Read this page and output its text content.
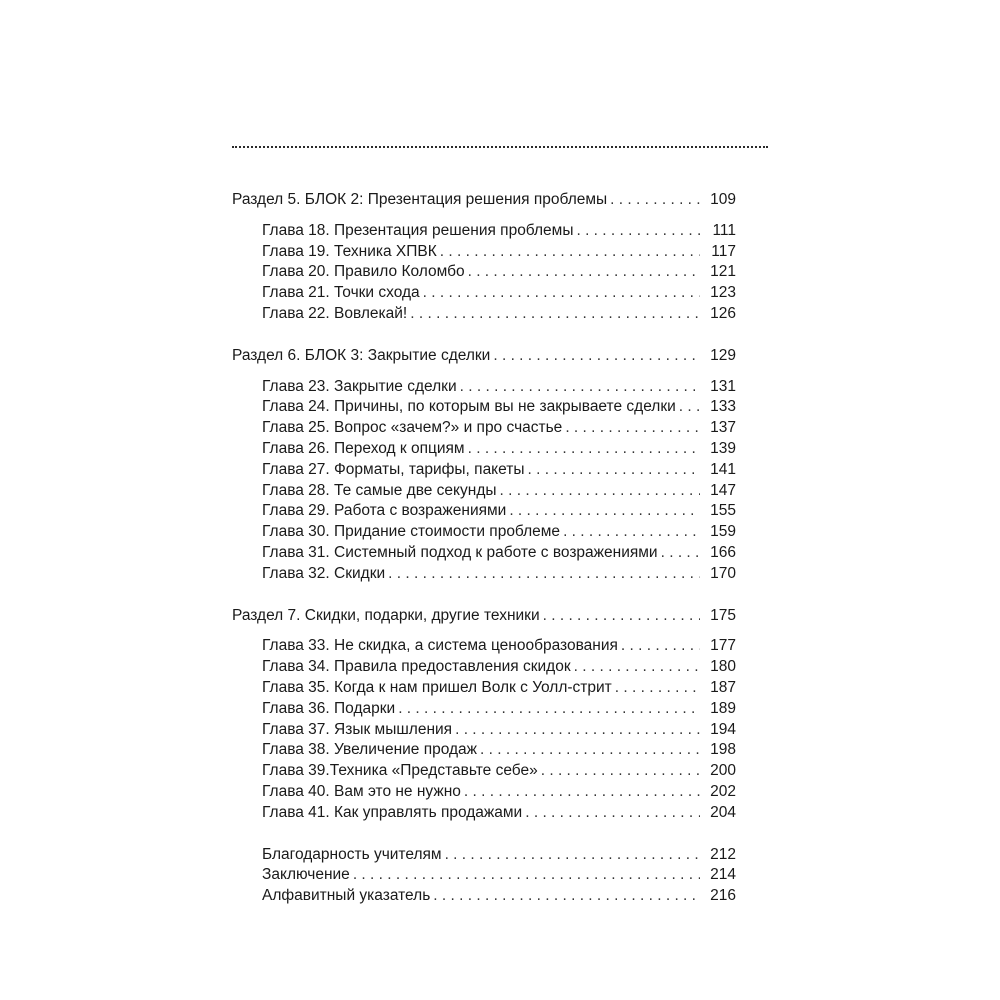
Раздел 5. БЛОК 2: Презентация решения проблемы . . .	109
Глава 18. Презентация решения проблемы . . .	111
Глава 19. Техника ХПВК . . .	117
Глава 20. Правило Коломбо . . .	121
Глава 21. Точки схода . . .	123
Глава 22. Вовлекай! . . .	126
Раздел 6. БЛОК 3: Закрытие сделки . . .	129
Глава 23. Закрытие сделки . . .	131
Глава 24. Причины, по которым вы не закрываете сделки . . .	133
Глава 25. Вопрос «зачем?» и про счастье . . .	137
Глава 26. Переход к опциям . . .	139
Глава 27. Форматы, тарифы, пакеты . . .	141
Глава 28. Те самые две секунды . . .	147
Глава 29. Работа с возражениями . . .	155
Глава 30. Придание стоимости проблеме . . .	159
Глава 31. Системный подход к работе с возражениями . . .	166
Глава 32. Скидки . . .	170
Раздел 7. Скидки, подарки, другие техники . . .	175
Глава 33. Не скидка, а система ценообразования . . .	177
Глава 34. Правила предоставления скидок . . .	180
Глава 35. Когда к нам пришел Волк с Уолл-стрит . . .	187
Глава 36. Подарки . . .	189
Глава 37. Язык мышления . . .	194
Глава 38. Увеличение продаж . . .	198
Глава 39.Техника «Представьте себе» . . .	200
Глава 40. Вам это не нужно . . .	202
Глава 41. Как управлять продажами . . .	204
Благодарность учителям . . .	212
Заключение . . .	214
Алфавитный указатель . . .	216
